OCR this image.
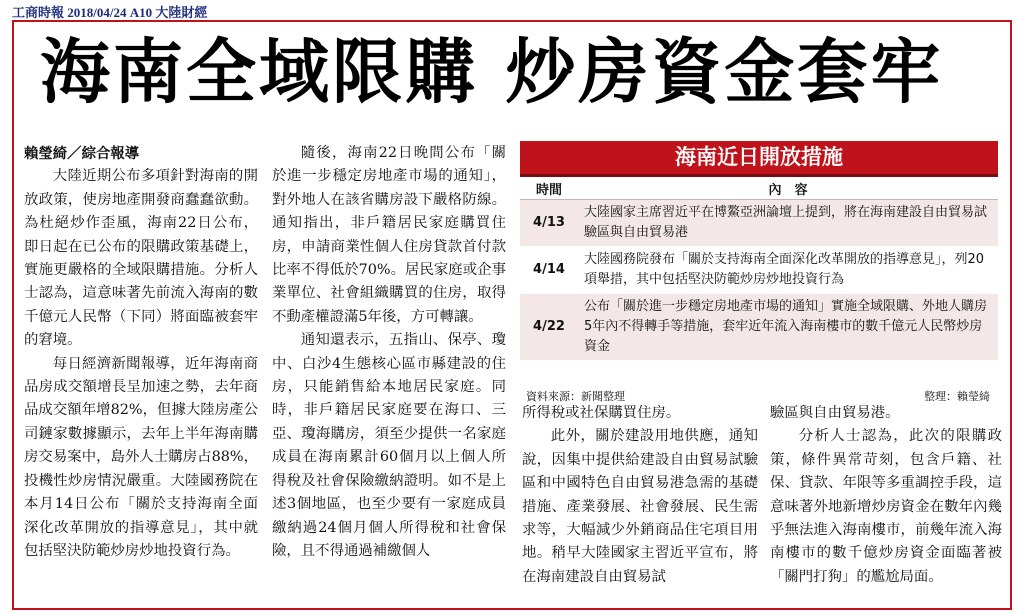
工商時報 2018/04/24 A10 大陸財經
海南全域限購 炒房資金套牢

賴瑩綺／綜合報導

大陸近期公布多項針對海南的開放政策，使房地產開發商蠢蠢欲動。為杜絕炒作歪風，海南22日公布，即日起在已公布的限購政策基礎上，實施更嚴格的全域限購措施。分析人士認為，這意味著先前流入海南的數千億元人民幣（下同）將面臨被套牢的窘境。

每日經濟新聞報導，近年海南商品房成交額增長呈加速之勢，去年商品成交額年增82%，但據大陸房產公司鏈家數據顯示，去年上半年海南購房交易案中，島外人士購房占88%，投機性炒房情況嚴重。大陸國務院在本月14日公布「關於支持海南全面深化改革開放的指導意見」，其中就包括堅決防範炒房炒地投資行為。

隨後，海南22日晚間公布「關於進一步穩定房地產市場的通知」，對外地人在該省購房設下嚴格防線。通知指出，非戶籍居民家庭購買住房，申請商業性個人住房貸款首付款比率不得低於70%。居民家庭或企事業單位、社會組織購買的住房，取得不動產權證滿5年後，方可轉讓。

通知還表示，五指山、保亭、瓊中、白沙4生態核心區市縣建設的住房，只能銷售給本地居民家庭。同時，非戶籍居民家庭要在海口、三亞、瓊海購房，須至少提供一名家庭成員在海南累計60個月以上個人所得稅及社會保險繳納證明。如不是上述3個地區，也至少要有一家庭成員繳納過24個月個人所得稅和社會保險，且不得通過補繳個人

海南近日開放措施
時間	內　容
4/13	大陸國家主席習近平在博鰲亞洲論壇上提到，將在海南建設自由貿易試驗區與自由貿易港
4/14	大陸國務院發布「關於支持海南全面深化改革開放的指導意見」，列20項舉措，其中包括堅決防範炒房炒地投資行為
4/22	公布「關於進一步穩定房地產市場的通知」實施全域限購、外地人購房5年內不得轉手等措施，套牢近年流入海南樓市的數千億元人民幣炒房資金
資料來源：新聞整理	整理：賴瑩綺

所得稅或社保購買住房。

此外，關於建設用地供應，通知說，因集中提供給建設自由貿易試驗區和中國特色自由貿易港急需的基礎措施、產業發展、社會發展、民生需求等，大幅減少外銷商品住宅項目用地。稍早大陸國家主習近平宣布，將在海南建設自由貿易試

驗區與自由貿易港。

分析人士認為，此次的限購政策，條件異常苛刻，包含戶籍、社保、貸款、年限等多重調控手段，這意味著外地新增炒房資金在數年內幾乎無法進入海南樓市，前幾年流入海南樓市的數千億炒房資金面臨著被「關門打狗」的尷尬局面。
